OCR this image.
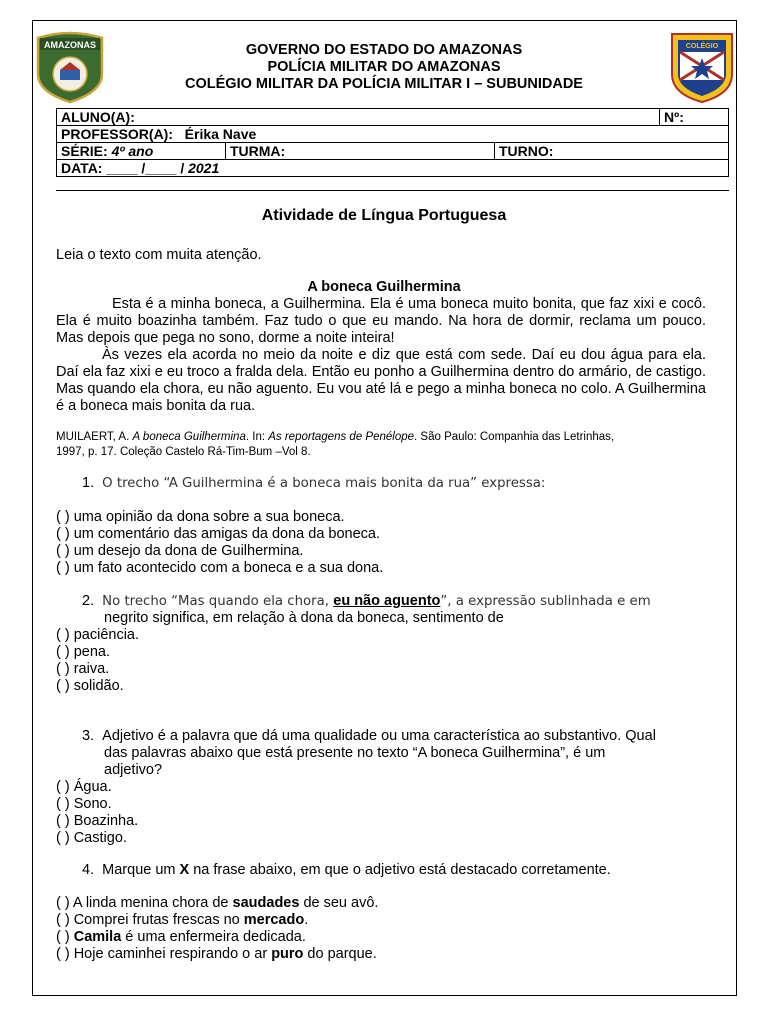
AMAZONAS	COLÉGIO
GOVERNO DO ESTADO DO AMAZONAS
POLÍCIA MILITAR DO AMAZONAS
COLÉGIO MILITAR DA POLÍCIA MILITAR I – SUBUNIDADE
ALUNO(A):			Nº:
PROFESSOR(A): Érika Nave			
SÉRIE: 4º ano	TURMA:	TURNO:	
DATA: ____ /____ / 2021			
Atividade de Língua Portuguesa
Leia o texto com muita atenção.
A boneca Guilhermina
Esta é a minha boneca, a Guilhermina. Ela é uma boneca muito bonita, que faz xixi e cocô. Ela é muito boazinha também. Faz tudo o que eu mando. Na hora de dormir, reclama um pouco. Mas depois que pega no sono, dorme a noite inteira!
Às vezes ela acorda no meio da noite e diz que está com sede. Daí eu dou água para ela. Daí ela faz xixi e eu troco a fralda dela. Então eu ponho a Guilhermina dentro do armário, de castigo. Mas quando ela chora, eu não aguento. Eu vou até lá e pego a minha boneca no colo. A Guilhermina é a boneca mais bonita da rua.
MUILAERT, A. A boneca Guilhermina. In: As reportagens de Penélope. São Paulo: Companhia das Letrinhas,
1997, p. 17. Coleção Castelo Rá-Tim-Bum –Vol 8.
1. O trecho “A Guilhermina é a boneca mais bonita da rua” expressa:
( ) uma opinião da dona sobre a sua boneca.
( ) um comentário das amigas da dona da boneca.
( ) um desejo da dona de Guilhermina.
( ) um fato acontecido com a boneca e a sua dona.
2. No trecho “Mas quando ela chora, eu não aguento”, a expressão sublinhada e em
negrito significa, em relação à dona da boneca, sentimento de
( ) paciência.
( ) pena.
( ) raiva.
( ) solidão.
3. Adjetivo é a palavra que dá uma qualidade ou uma característica ao substantivo. Qual
das palavras abaixo que está presente no texto “A boneca Guilhermina”, é um
adjetivo?
( ) Água.
( ) Sono.
( ) Boazinha.
( ) Castigo.
4. Marque um X na frase abaixo, em que o adjetivo está destacado corretamente.
( ) A linda menina chora de saudades de seu avô.
( ) Comprei frutas frescas no mercado.
( ) Camila é uma enfermeira dedicada.
( ) Hoje caminhei respirando o ar puro do parque.
